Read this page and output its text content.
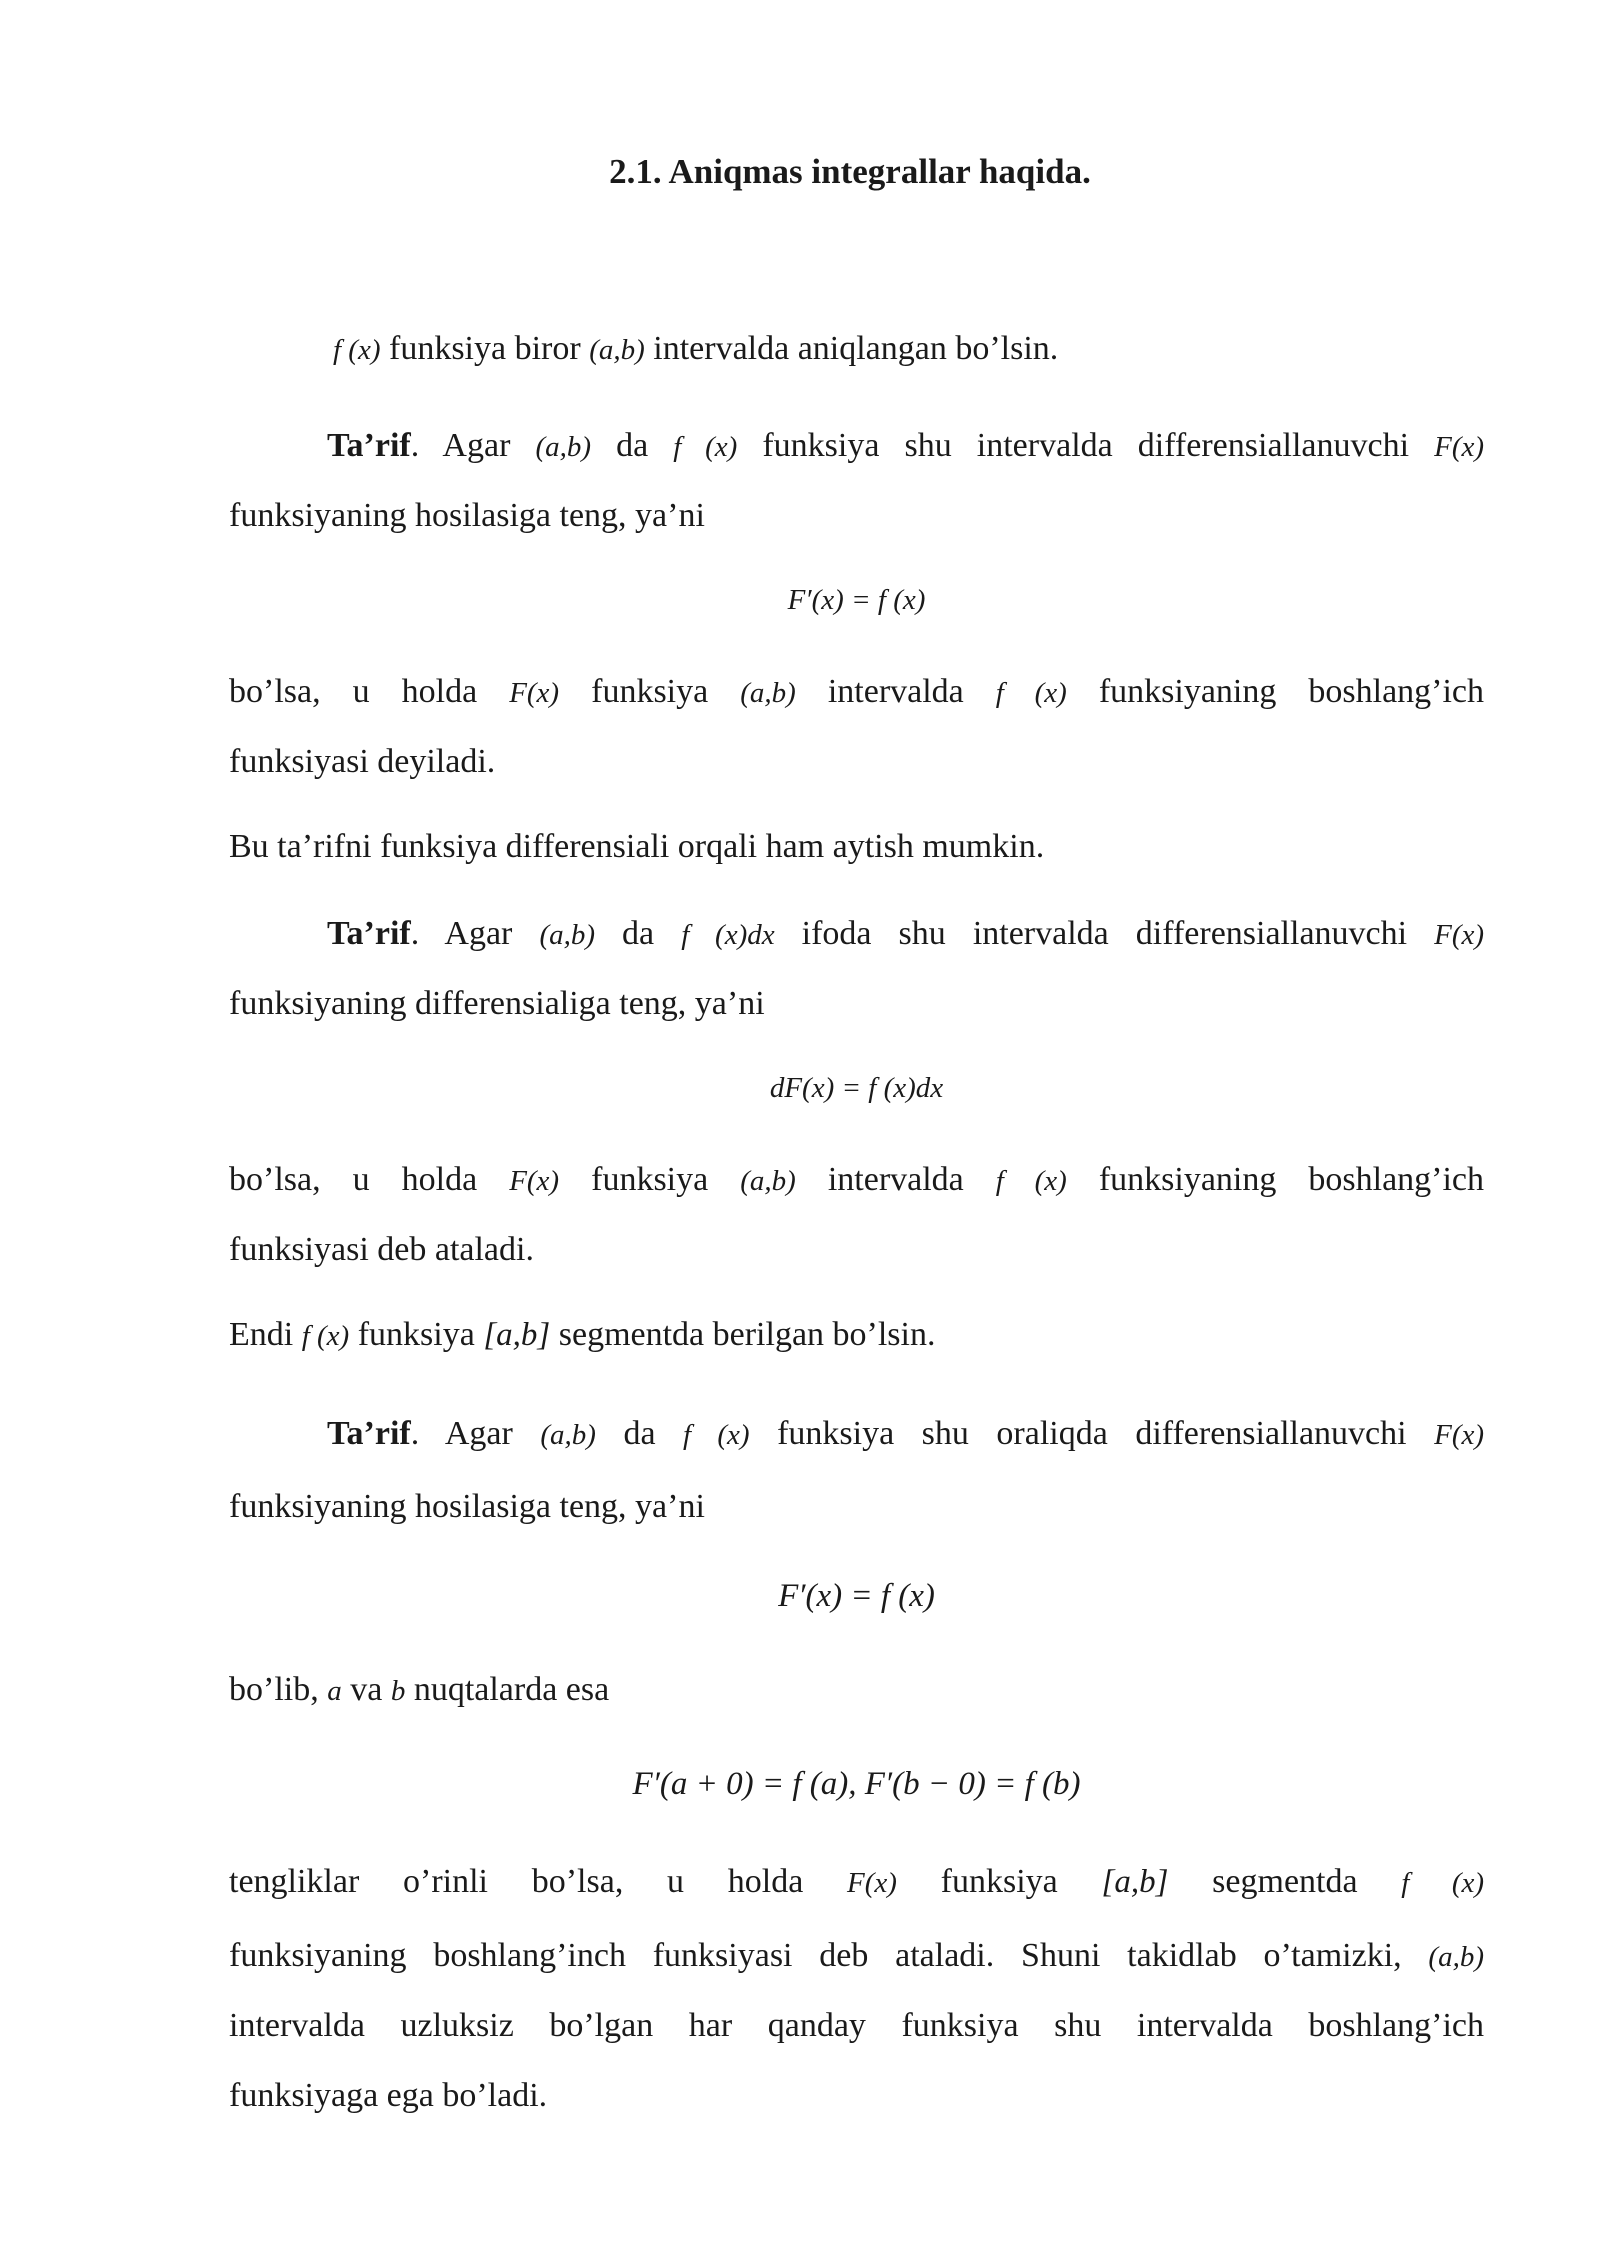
2.1. Aniqmas integrallar haqida.
f (x) funksiya biror (a,b) intervalda aniqlangan bo’lsin.
Ta’rif. Agar (a,b) da f (x) funksiya shu intervalda differensiallanuvchi F(x)
funksiyaning hosilasiga teng, ya’ni
F′(x) = f (x)
bo’lsa, u holda F(x) funksiya (a,b) intervalda f (x) funksiyaning boshlang’ich
funksiyasi deyiladi.
Bu ta’rifni funksiya differensiali orqali ham aytish mumkin.
Ta’rif. Agar (a,b) da f (x)dx ifoda shu intervalda differensiallanuvchi F(x)
funksiyaning differensialiga teng, ya’ni
dF(x) = f (x)dx
bo’lsa, u holda F(x) funksiya (a,b) intervalda f (x) funksiyaning boshlang’ich
funksiyasi deb ataladi.
Endi f (x) funksiya [a,b] segmentda berilgan bo’lsin.
Ta’rif. Agar (a,b) da f (x) funksiya shu oraliqda differensiallanuvchi F(x)
funksiyaning hosilasiga teng, ya’ni
F′(x) = f (x)
bo’lib, a va b nuqtalarda esa
F′(a + 0) = f (a), F′(b − 0) = f (b)
tengliklar o’rinli bo’lsa, u holda F(x) funksiya [a,b] segmentda f (x)
funksiyaning boshlang’inch funksiyasi deb ataladi. Shuni takidlab o’tamizki, (a,b)
intervalda uzluksiz bo’lgan har qanday funksiya shu intervalda boshlang’ich
funksiyaga ega bo’ladi.
